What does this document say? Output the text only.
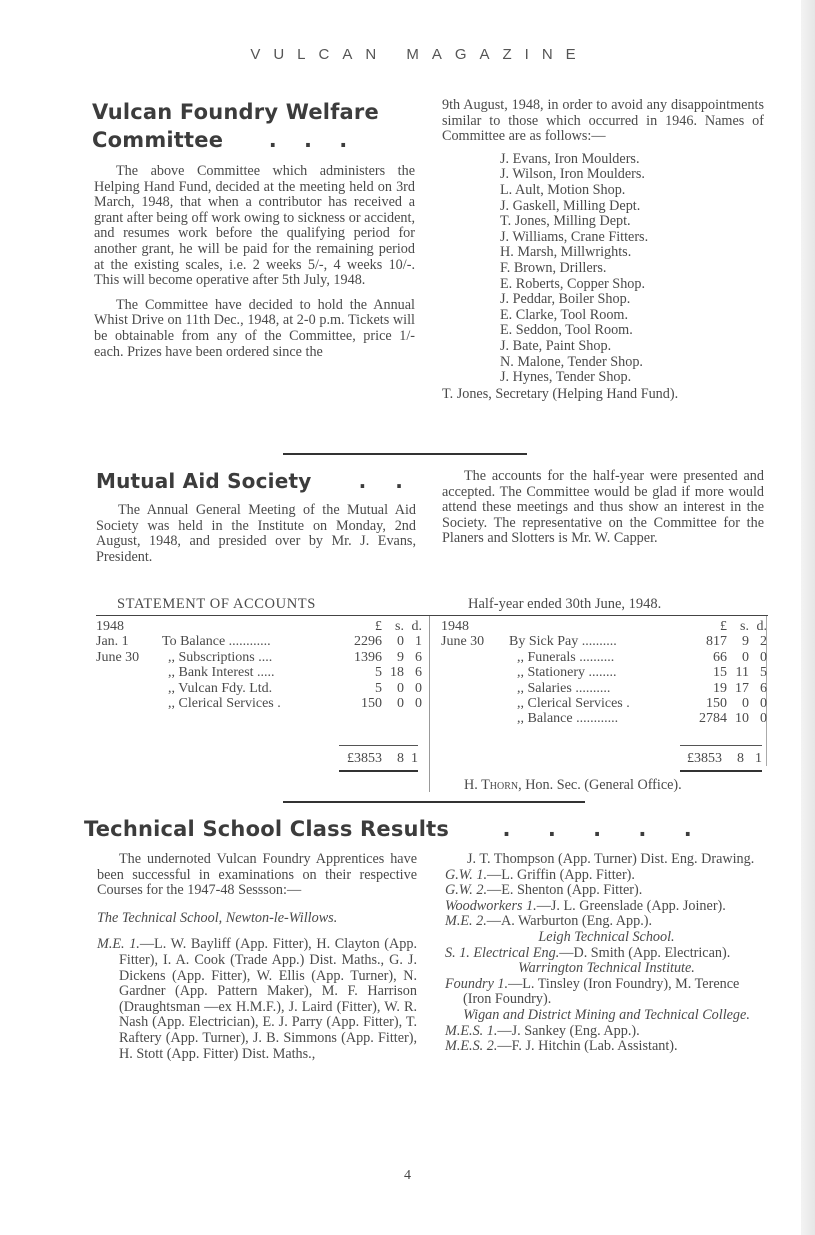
VULCAN MAGAZINE
Vulcan Foundry Welfare
Committee . . .

The above Committee which administers the Helping Hand Fund, decided at the meeting held on 3rd March, 1948, that when a contributor has received a grant after being off work owing to sickness or accident, and resumes work before the qualifying period for another grant, he will be paid for the remaining period at the existing scales, i.e. 2 weeks 5/-, 4 weeks 10/-. This will become operative after 5th July, 1948.

The Committee have decided to hold the Annual Whist Drive on 11th Dec., 1948, at 2-0 p.m. Tickets will be obtainable from any of the Committee, price 1/- each. Prizes have been ordered since the

9th August, 1948, in order to avoid any disappointments similar to those which occurred in 1946. Names of Committee are as follows:—

J. Evans, Iron Moulders.
J. Wilson, Iron Moulders.
L. Ault, Motion Shop.
J. Gaskell, Milling Dept.
T. Jones, Milling Dept.
J. Williams, Crane Fitters.
H. Marsh, Millwrights.
F. Brown, Drillers.
E. Roberts, Copper Shop.
J. Peddar, Boiler Shop.
E. Clarke, Tool Room.
E. Seddon, Tool Room.
J. Bate, Paint Shop.
N. Malone, Tender Shop.
J. Hynes, Tender Shop.

T. Jones, Secretary (Helping Hand Fund).

Mutual Aid Society . .

The Annual General Meeting of the Mutual Aid Society was held in the Institute on Monday, 2nd August, 1948, and presided over by Mr. J. Evans, President.

The accounts for the half-year were presented and accepted. The Committee would be glad if more would attend these meetings and thus show an interest in the Society. The representative on the Committee for the Planers and Slotters is Mr. W. Capper.

STATEMENT OF ACCOUNTS	Half-year ended 30th June, 1948.
1948	£ s. d.
Jan. 1	To Balance ............	2296	0 1
June 30	,, Subscriptions ....	1396	9 6
,, Bank Interest .....	5 18 6
,, Vulcan Fdy. Ltd.	5	0 0
,, Clerical Services .	150	0 0
£3853	8 1
1948	£ s. d.
June 30	By Sick Pay ..........	817	9 2
,, Funerals ..........	66	0 0
,, Stationery ........	15 11 5
,, Salaries ..........	19 17 6
,, Clerical Services .	150	0 0
,, Balance ............	2784 10 0
£3853	8 1
H. Thorn, Hon. Sec. (General Office).
Technical School Class Results	. . . . .

The undernoted Vulcan Foundry Apprentices have been successful in examinations on their respective Courses for the 1947-48 Sessson:—

The Technical School, Newton-le-Willows.

M.E. 1.—L. W. Bayliff (App. Fitter), H. Clayton (App. Fitter), I. A. Cook (Trade App.) Dist. Maths., G. J. Dickens (App. Fitter), W. Ellis (App. Turner), N. Gardner (App. Pattern Maker), M. F. Harrison (Draughtsman —ex H.M.F.), J. Laird (Fitter), W. R. Nash (App. Electrician), E. J. Parry (App. Fitter), T. Raftery (App. Turner), J. B. Simmons (App. Fitter), H. Stott (App. Fitter) Dist. Maths.,

J. T. Thompson (App. Turner) Dist. Eng. Drawing.

G.W. 1.—L. Griffin (App. Fitter).

G.W. 2.—E. Shenton (App. Fitter).

Woodworkers 1.—J. L. Greenslade (App. Joiner).

M.E. 2.—A. Warburton (Eng. App.).

Leigh Technical School.

S. 1. Electrical Eng.—D. Smith (App. Electrican).

Warrington Technical Institute.

Foundry 1.—L. Tinsley (Iron Foundry), M. Terence (Iron Foundry).

Wigan and District Mining and Technical College.

M.E.S. 1.—J. Sankey (Eng. App.).

M.E.S. 2.—F. J. Hitchin (Lab. Assistant).

4
